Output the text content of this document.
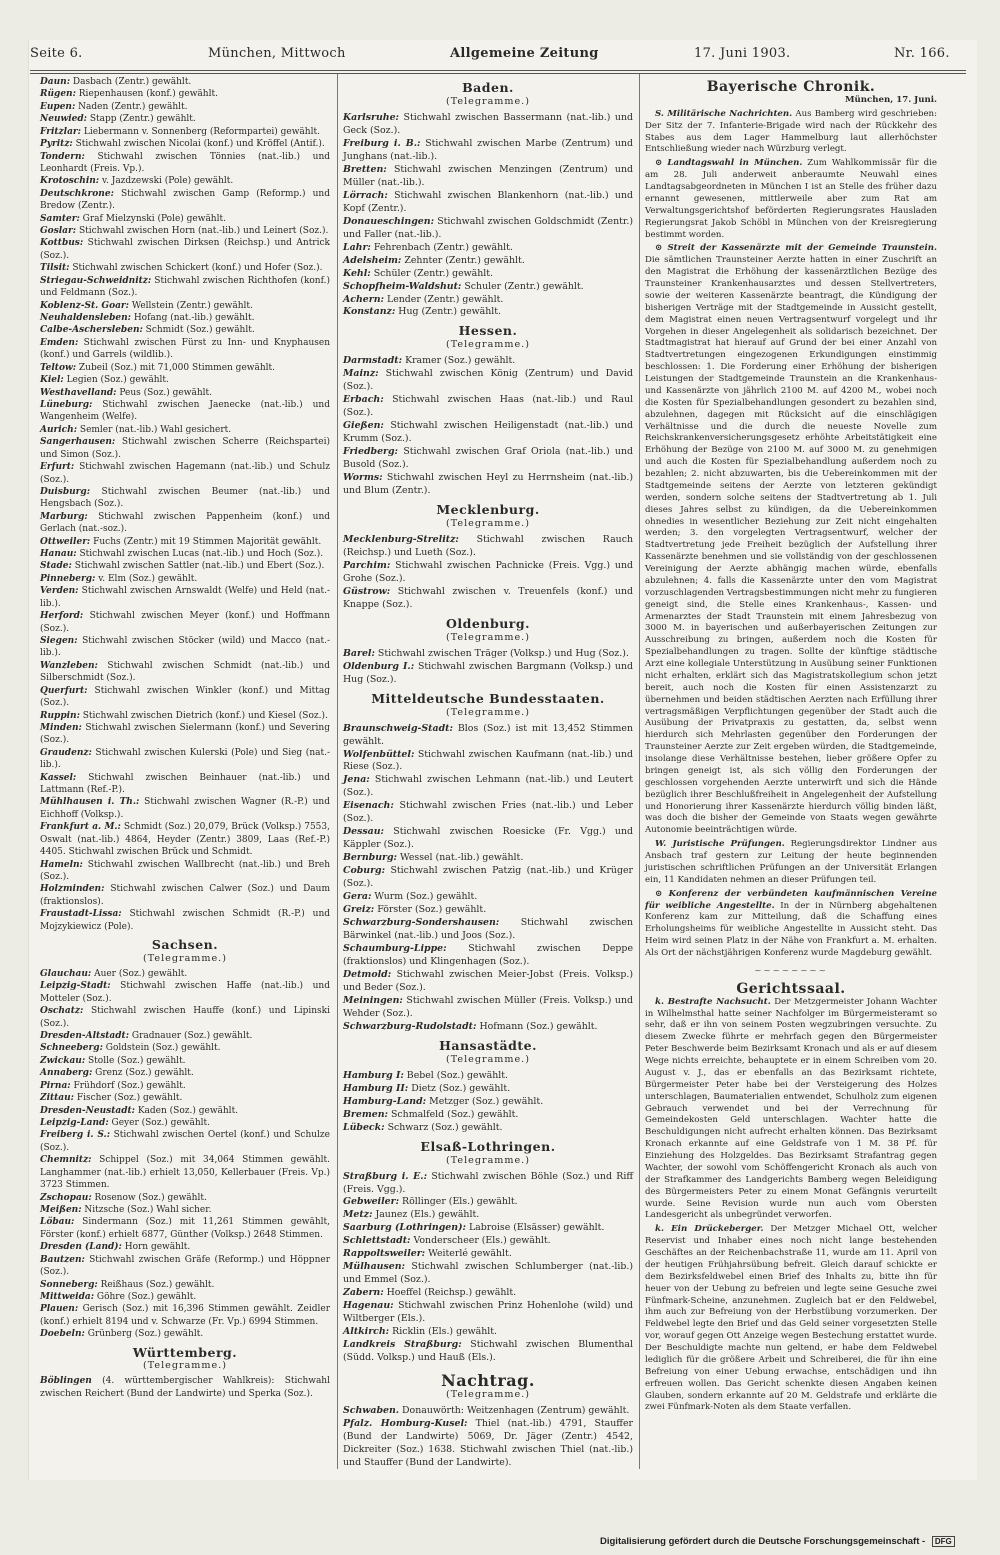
Seite 6.	München, Mittwoch	Allgemeine Zeitung	17. Juni 1903.	Nr. 166.

Daun: Dasbach (Zentr.) gewählt.

Rügen: Riepenhausen (konf.) gewählt.

Eupen: Naden (Zentr.) gewählt.

Neuwied: Stapp (Zentr.) gewählt.

Fritzlar: Liebermann v. Sonnenberg (Reformpartei) gewählt.

Pyritz: Stichwahl zwischen Nicolai (konf.) und Kröffel (Antif.).

Tondern: Stichwahl zwischen Tönnies (nat.-lib.) und Leonhardt (Freis. Vp.).

Krotoschin: v. Jazdzewski (Pole) gewählt.

Deutschkrone: Stichwahl zwischen Gamp (Reformp.) und Bredow (Zentr.).

Samter: Graf Mielzynski (Pole) gewählt.

Goslar: Stichwahl zwischen Horn (nat.-lib.) und Leinert (Soz.).

Kottbus: Stichwahl zwischen Dirksen (Reichsp.) und Antrick (Soz.).

Tilsit: Stichwahl zwischen Schickert (konf.) und Hofer (Soz.).

Striegau-Schweidnitz: Stichwahl zwischen Richthofen (konf.) und Feldmann (Soz.).

Koblenz-St. Goar: Wellstein (Zentr.) gewählt.

Neuhaldensleben: Hofang (nat.-lib.) gewählt.

Calbe-Aschersleben: Schmidt (Soz.) gewählt.

Emden: Stichwahl zwischen Fürst zu Inn- und Knyphausen (konf.) und Garrels (wildlib.).

Teltow: Zubeil (Soz.) mit 71,000 Stimmen gewählt.

Kiel: Legien (Soz.) gewählt.

Westhavelland: Peus (Soz.) gewählt.

Lüneburg: Stichwahl zwischen Jaenecke (nat.-lib.) und Wangenheim (Welfe).

Aurich: Semler (nat.-lib.) Wahl gesichert.

Sangerhausen: Stichwahl zwischen Scherre (Reichspartei) und Simon (Soz.).

Erfurt: Stichwahl zwischen Hagemann (nat.-lib.) und Schulz (Soz.).

Duisburg: Stichwahl zwischen Beumer (nat.-lib.) und Hengsbach (Soz.).

Marburg: Stichwahl zwischen Pappenheim (konf.) und Gerlach (nat.-soz.).

Ottweiler: Fuchs (Zentr.) mit 19 Stimmen Majorität gewählt.

Hanau: Stichwahl zwischen Lucas (nat.-lib.) und Hoch (Soz.).

Stade: Stichwahl zwischen Sattler (nat.-lib.) und Ebert (Soz.).

Pinneberg: v. Elm (Soz.) gewählt.

Verden: Stichwahl zwischen Arnswaldt (Welfe) und Held (nat.-lib.).

Herford: Stichwahl zwischen Meyer (konf.) und Hoffmann (Soz.).

Siegen: Stichwahl zwischen Stöcker (wild) und Macco (nat.-lib.).

Wanzleben: Stichwahl zwischen Schmidt (nat.-lib.) und Silberschmidt (Soz.).

Querfurt: Stichwahl zwischen Winkler (konf.) und Mittag (Soz.).

Ruppin: Stichwahl zwischen Dietrich (konf.) und Kiesel (Soz.).

Minden: Stichwahl zwischen Sielermann (konf.) und Severing (Soz.).

Graudenz: Stichwahl zwischen Kulerski (Pole) und Sieg (nat.-lib.).

Kassel: Stichwahl zwischen Beinhauer (nat.-lib.) und Lattmann (Ref.-P.).

Mühlhausen i. Th.: Stichwahl zwischen Wagner (R.-P.) und Eichhoff (Volksp.).

Frankfurt a. M.: Schmidt (Soz.) 20,079, Brück (Volksp.) 7553, Oswalt (nat.-lib.) 4864, Heyder (Zentr.) 3809, Laas (Ref.-P.) 4405. Stichwahl zwischen Brück und Schmidt.

Hameln: Stichwahl zwischen Wallbrecht (nat.-lib.) und Breh (Soz.).

Holzminden: Stichwahl zwischen Calwer (Soz.) und Daum (fraktionslos).

Fraustadt-Lissa: Stichwahl zwischen Schmidt (R.-P.) und Mojzykiewicz (Pole).

Sachsen.
(Telegramme.)

Glauchau: Auer (Soz.) gewählt.

Leipzig-Stadt: Stichwahl zwischen Haffe (nat.-lib.) und Motteler (Soz.).

Oschatz: Stichwahl zwischen Hauffe (konf.) und Lipinski (Soz.).

Dresden-Altstadt: Gradnauer (Soz.) gewählt.

Schneeberg: Goldstein (Soz.) gewählt.

Zwickau: Stolle (Soz.) gewählt.

Annaberg: Grenz (Soz.) gewählt.

Pirna: Frühdorf (Soz.) gewählt.

Zittau: Fischer (Soz.) gewählt.

Dresden-Neustadt: Kaden (Soz.) gewählt.

Leipzig-Land: Geyer (Soz.) gewählt.

Freiberg i. S.: Stichwahl zwischen Oertel (konf.) und Schulze (Soz.).

Chemnitz: Schippel (Soz.) mit 34,064 Stimmen gewählt. Langhammer (nat.-lib.) erhielt 13,050, Kellerbauer (Freis. Vp.) 3723 Stimmen.

Zschopau: Rosenow (Soz.) gewählt.

Meißen: Nitzsche (Soz.) Wahl sicher.

Löbau: Sindermann (Soz.) mit 11,261 Stimmen gewählt, Förster (konf.) erhielt 6877, Günther (Volksp.) 2648 Stimmen.

Dresden (Land): Horn gewählt.

Bautzen: Stichwahl zwischen Gräfe (Reformp.) und Höppner (Soz.).

Sonneberg: Reißhaus (Soz.) gewählt.

Mittweida: Göhre (Soz.) gewählt.

Plauen: Gerisch (Soz.) mit 16,396 Stimmen gewählt. Zeidler (konf.) erhielt 8194 und v. Schwarze (Fr. Vp.) 6994 Stimmen.

Doebeln: Grünberg (Soz.) gewählt.

Württemberg.
(Telegramme.)

Böblingen (4. württembergischer Wahlkreis): Stichwahl zwischen Reichert (Bund der Landwirte) und Sperka (Soz.).

Baden.
(Telegramme.)

Karlsruhe: Stichwahl zwischen Bassermann (nat.-lib.) und Geck (Soz.).

Freiburg i. B.: Stichwahl zwischen Marbe (Zentrum) und Junghans (nat.-lib.).

Bretten: Stichwahl zwischen Menzingen (Zentrum) und Müller (nat.-lib.).

Lörrach: Stichwahl zwischen Blankenhorn (nat.-lib.) und Kopf (Zentr.).

Donaueschingen: Stichwahl zwischen Goldschmidt (Zentr.) und Faller (nat.-lib.).

Lahr: Fehrenbach (Zentr.) gewählt.

Adelsheim: Zehnter (Zentr.) gewählt.

Kehl: Schüler (Zentr.) gewählt.

Schopfheim-Waldshut: Schuler (Zentr.) gewählt.

Achern: Lender (Zentr.) gewählt.

Konstanz: Hug (Zentr.) gewählt.

Hessen.
(Telegramme.)

Darmstadt: Kramer (Soz.) gewählt.

Mainz: Stichwahl zwischen König (Zentrum) und David (Soz.).

Erbach: Stichwahl zwischen Haas (nat.-lib.) und Raul (Soz.).

Gießen: Stichwahl zwischen Heiligenstadt (nat.-lib.) und Krumm (Soz.).

Friedberg: Stichwahl zwischen Graf Oriola (nat.-lib.) und Busold (Soz.).

Worms: Stichwahl zwischen Heyl zu Herrnsheim (nat.-lib.) und Blum (Zentr.).

Mecklenburg.
(Telegramme.)

Mecklenburg-Strelitz: Stichwahl zwischen Rauch (Reichsp.) und Lueth (Soz.).

Parchim: Stichwahl zwischen Pachnicke (Freis. Vgg.) und Grohe (Soz.).

Güstrow: Stichwahl zwischen v. Treuenfels (konf.) und Knappe (Soz.).

Oldenburg.
(Telegramme.)

Barel: Stichwahl zwischen Träger (Volksp.) und Hug (Soz.).

Oldenburg I.: Stichwahl zwischen Bargmann (Volksp.) und Hug (Soz.).

Mitteldeutsche Bundesstaaten.
(Telegramme.)

Braunschweig-Stadt: Blos (Soz.) ist mit 13,452 Stimmen gewählt.

Wolfenbüttel: Stichwahl zwischen Kaufmann (nat.-lib.) und Riese (Soz.).

Jena: Stichwahl zwischen Lehmann (nat.-lib.) und Leutert (Soz.).

Eisenach: Stichwahl zwischen Fries (nat.-lib.) und Leber (Soz.).

Dessau: Stichwahl zwischen Roesicke (Fr. Vgg.) und Käppler (Soz.).

Bernburg: Wessel (nat.-lib.) gewählt.

Coburg: Stichwahl zwischen Patzig (nat.-lib.) und Krüger (Soz.).

Gera: Wurm (Soz.) gewählt.

Greiz: Förster (Soz.) gewählt.

Schwarzburg-Sondershausen: Stichwahl zwischen Bärwinkel (nat.-lib.) und Joos (Soz.).

Schaumburg-Lippe: Stichwahl zwischen Deppe (fraktionslos) und Klingenhagen (Soz.).

Detmold: Stichwahl zwischen Meier-Jobst (Freis. Volksp.) und Beder (Soz.).

Meiningen: Stichwahl zwischen Müller (Freis. Volksp.) und Wehder (Soz.).

Schwarzburg-Rudolstadt: Hofmann (Soz.) gewählt.

Hansastädte.
(Telegramme.)

Hamburg I: Bebel (Soz.) gewählt.

Hamburg II: Dietz (Soz.) gewählt.

Hamburg-Land: Metzger (Soz.) gewählt.

Bremen: Schmalfeld (Soz.) gewählt.

Lübeck: Schwarz (Soz.) gewählt.

Elsaß-Lothringen.
(Telegramme.)

Straßburg i. E.: Stichwahl zwischen Böhle (Soz.) und Riff (Freis. Vgg.).

Gebweiler: Röllinger (Els.) gewählt.

Metz: Jaunez (Els.) gewählt.

Saarburg (Lothringen): Labroise (Elsässer) gewählt.

Schlettstadt: Vonderscheer (Els.) gewählt.

Rappoltsweiler: Weiterlé gewählt.

Mülhausen: Stichwahl zwischen Schlumberger (nat.-lib.) und Emmel (Soz.).

Zabern: Hoeffel (Reichsp.) gewählt.

Hagenau: Stichwahl zwischen Prinz Hohenlohe (wild) und Wiltberger (Els.).

Altkirch: Ricklin (Els.) gewählt.

Landkreis Straßburg: Stichwahl zwischen Blumenthal (Südd. Volksp.) und Hauß (Els.).

Nachtrag.
(Telegramme.)

Schwaben. Donauwörth: Weitzenhagen (Zentrum) gewählt.

Pfalz. Homburg-Kusel: Thiel (nat.-lib.) 4791, Stauffer (Bund der Landwirte) 5069, Dr. Jäger (Zentr.) 4542, Dickreiter (Soz.) 1638. Stichwahl zwischen Thiel (nat.-lib.) und Stauffer (Bund der Landwirte).

Bayerische Chronik.
München, 17. Juni.

S. Militärische Nachrichten. Aus Bamberg wird geschrieben: Der Sitz der 7. Infanterie-Brigade wird nach der Rückkehr des Stabes aus dem Lager Hammelburg laut allerhöchster Entschließung wieder nach Würzburg verlegt.

⊙ Landtagswahl in München. Zum Wahlkommissär für die am 28. Juli anderweit anberaumte Neuwahl eines Landtagsabgeordneten in München I ist an Stelle des früher dazu ernannt gewesenen, mittlerweile aber zum Rat am Verwaltungsgerichtshof beförderten Regierungsrates Hausladen Regierungsrat Jakob Schöbl in München von der Kreisregierung bestimmt worden.

⊙ Streit der Kassenärzte mit der Gemeinde Traunstein. Die sämtlichen Traunsteiner Aerzte hatten in einer Zuschrift an den Magistrat die Erhöhung der kassenärztlichen Bezüge des Traunsteiner Krankenhausarztes und dessen Stellvertreters, sowie der weiteren Kassenärzte beantragt, die Kündigung der bisherigen Verträge mit der Stadtgemeinde in Aussicht gestellt, dem Magistrat einen neuen Vertragsentwurf vorgelegt und ihr Vorgehen in dieser Angelegenheit als solidarisch bezeichnet. Der Stadtmagistrat hat hierauf auf Grund der bei einer Anzahl von Stadtvertretungen eingezogenen Erkundigungen einstimmig beschlossen: 1. Die Forderung einer Erhöhung der bisherigen Leistungen der Stadtgemeinde Traunstein an die Krankenhaus- und Kassenärzte von jährlich 2100 M. auf 4200 M., wobei noch die Kosten für Spezialbehandlungen gesondert zu bezahlen sind, abzulehnen, dagegen mit Rücksicht auf die einschlägigen Verhältnisse und die durch die neueste Novelle zum Reichskrankenversicherungsgesetz erhöhte Arbeitstätigkeit eine Erhöhung der Bezüge von 2100 M. auf 3000 M. zu genehmigen und auch die Kosten für Spezialbehandlung außerdem noch zu bezahlen; 2. nicht abzuwarten, bis die Uebereinkommen mit der Stadtgemeinde seitens der Aerzte von letzteren gekündigt werden, sondern solche seitens der Stadtvertretung ab 1. Juli dieses Jahres selbst zu kündigen, da die Uebereinkommen ohnedies in wesentlicher Beziehung zur Zeit nicht eingehalten werden; 3. den vorgelegten Vertragsentwurf, welcher der Stadtvertretung jede Freiheit bezüglich der Aufstellung ihrer Kassenärzte benehmen und sie vollständig von der geschlossenen Vereinigung der Aerzte abhängig machen würde, ebenfalls abzulehnen; 4. falls die Kassenärzte unter den vom Magistrat vorzuschlagenden Vertragsbestimmungen nicht mehr zu fungieren geneigt sind, die Stelle eines Krankenhaus-, Kassen- und Armenarztes der Stadt Traunstein mit einem Jahresbezug von 3000 M. in bayerischen und außerbayerischen Zeitungen zur Ausschreibung zu bringen, außerdem noch die Kosten für Spezialbehandlungen zu tragen. Sollte der künftige städtische Arzt eine kollegiale Unterstützung in Ausübung seiner Funktionen nicht erhalten, erklärt sich das Magistratskollegium schon jetzt bereit, auch noch die Kosten für einen Assistenzarzt zu übernehmen und beiden städtischen Aerzten nach Erfüllung ihrer vertragsmäßigen Verpflichtungen gegenüber der Stadt auch die Ausübung der Privatpraxis zu gestatten, da, selbst wenn hierdurch sich Mehrlasten gegenüber den Forderungen der Traunsteiner Aerzte zur Zeit ergeben würden, die Stadtgemeinde, insolange diese Verhältnisse bestehen, lieber größere Opfer zu bringen geneigt ist, als sich völlig den Forderungen der geschlossen vorgehenden Aerzte unterwirft und sich die Hände bezüglich ihrer Beschlußfreiheit in Angelegenheit der Aufstellung und Honorierung ihrer Kassenärzte hierdurch völlig binden läßt, was doch die bisher der Gemeinde von Staats wegen gewährte Autonomie beeinträchtigen würde.

W. Juristische Prüfungen. Regierungsdirektor Lindner aus Ansbach traf gestern zur Leitung der heute beginnenden juristischen schriftlichen Prüfungen an der Universität Erlangen ein, 11 Kandidaten nehmen an dieser Prüfungen teil.

⊙ Konferenz der verbündeten kaufmännischen Vereine für weibliche Angestellte. In der in Nürnberg abgehaltenen Konferenz kam zur Mitteilung, daß die Schaffung eines Erholungsheims für weibliche Angestellte in Aussicht steht. Das Heim wird seinen Platz in der Nähe von Frankfurt a. M. erhalten. Als Ort der nächstjährigen Konferenz wurde Magdeburg gewählt.

~~~~~~~~
Gerichtssaal.

k. Bestrafte Nachsucht. Der Metzgermeister Johann Wachter in Wilhelmsthal hatte seiner Nachfolger im Bürgermeisteramt so sehr, daß er ihn von seinem Posten wegzubringen versuchte. Zu diesem Zwecke führte er mehrfach gegen den Bürgermeister Peter Beschwerde beim Bezirksamt Kronach und als er auf diesem Wege nichts erreichte, behauptete er in einem Schreiben vom 20. August v. J., das er ebenfalls an das Bezirksamt richtete, Bürgermeister Peter habe bei der Versteigerung des Holzes unterschlagen, Baumaterialien entwendet, Schulholz zum eigenen Gebrauch verwendet und bei der Verrechnung für Gemeindekosten Geld unterschlagen. Wachter hatte die Beschuldigungen nicht aufrecht erhalten können. Das Bezirksamt Kronach erkannte auf eine Geldstrafe von 1 M. 38 Pf. für Einziehung des Holzgeldes. Das Bezirksamt Strafantrag gegen Wachter, der sowohl vom Schöffengericht Kronach als auch von der Strafkammer des Landgerichts Bamberg wegen Beleidigung des Bürgermeisters Peter zu einem Monat Gefängnis verurteilt wurde. Seine Revision wurde nun auch vom Obersten Landesgericht als unbegründet verworfen.

k. Ein Drückeberger. Der Metzger Michael Ott, welcher Reservist und Inhaber eines noch nicht lange bestehenden Geschäftes an der Reichenbachstraße 11, wurde am 11. April von der heutigen Frühjahrsübung befreit. Gleich darauf schickte er dem Bezirksfeldwebel einen Brief des Inhalts zu, bitte ihn für heuer von der Uebung zu befreien und legte seine Gesuche zwei Fünfmark-Scheine, anzunehmen. Zugleich bat er den Feldwebel, ihm auch zur Befreiung von der Herbstübung vorzumerken. Der Feldwebel legte den Brief und das Geld seiner vorgesetzten Stelle vor, worauf gegen Ott Anzeige wegen Bestechung erstattet wurde. Der Beschuldigte machte nun geltend, er habe dem Feldwebel lediglich für die größere Arbeit und Schreiberei, die für ihn eine Befreiung von einer Uebung erwachse, entschädigen und ihn erfreuen wollen. Das Gericht schenkte diesen Angaben keinen Glauben, sondern erkannte auf 20 M. Geldstrafe und erklärte die zwei Fünfmark-Noten als dem Staate verfallen.

Digitalisierung gefördert durch die Deutsche Forschungsgemeinschaft - DFG
